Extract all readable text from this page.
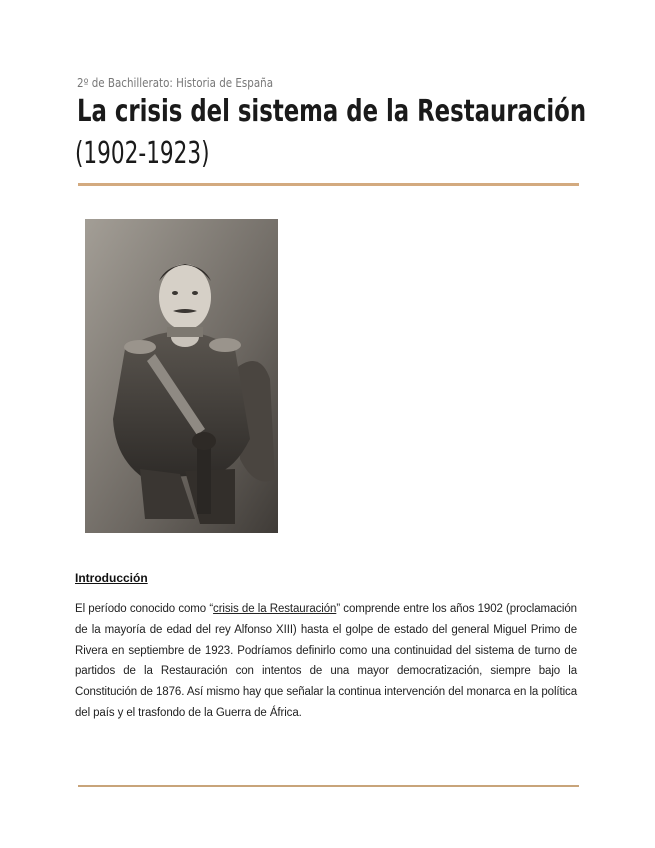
2º de Bachillerato: Historia de España
La crisis del sistema de la Restauración
(1902-1923)
Introducción

El período conocido como “crisis de la Restauración” comprende entre los años 1902 (proclamación de la mayoría de edad del rey Alfonso XIII) hasta el golpe de estado del general Miguel Primo de Rivera en septiembre de 1923. Podríamos definirlo como una continuidad del sistema de turno de partidos de la Restauración con intentos de una mayor democratización, siempre bajo la Constitución de 1876. Así mismo hay que señalar la continua intervención del monarca en la política del país y el trasfondo de la Guerra de África.
